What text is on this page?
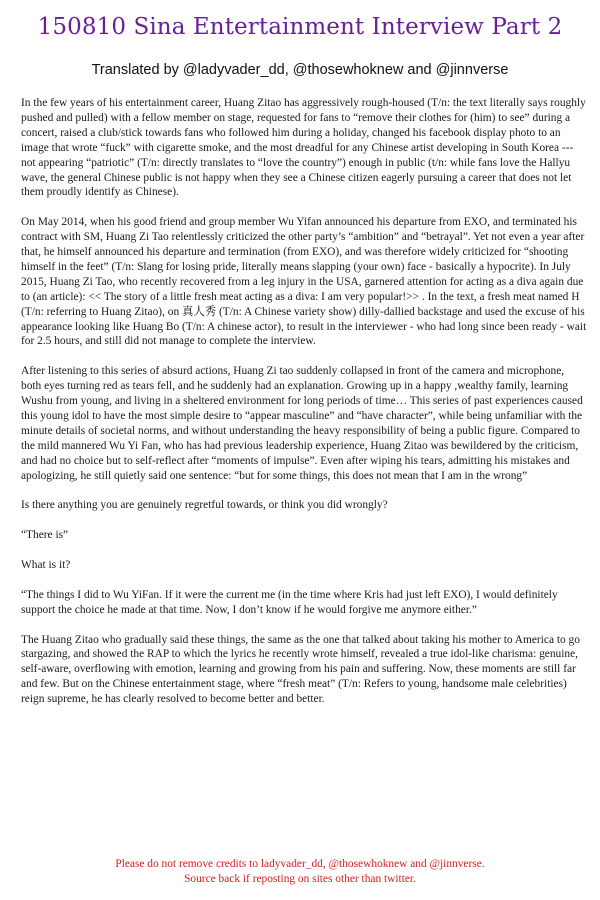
150810 Sina Entertainment Interview Part 2
Translated by @ladyvader_dd, @thosewhoknew and @jinnverse

In the few years of his entertainment career, Huang Zitao has aggressively rough-housed (T/n: the text literally says roughly pushed and pulled) with a fellow member on stage, requested for fans to “remove their clothes for (him) to see” during a concert, raised a club/stick towards fans who followed him during a holiday, changed his facebook display photo to an image that wrote “fuck” with cigarette smoke, and the most dreadful for any Chinese artist developing in South Korea --- not appearing “patriotic” (T/n: directly translates to “love the country”) enough in public (t/n: while fans love the Hallyu wave, the general Chinese public is not happy when they see a Chinese citizen eagerly pursuing a career that does not let them proudly identify as Chinese).

On May 2014, when his good friend and group member Wu Yifan announced his departure from EXO, and terminated his contract with SM, Huang Zi Tao relentlessly criticized the other party’s “ambition” and “betrayal”. Yet not even a year after that, he himself announced his departure and termination (from EXO), and was therefore widely criticized for “shooting himself in the feet” (T/n: Slang for losing pride, literally means slapping (your own) face - basically a hypocrite). In July 2015, Huang Zi Tao, who recently recovered from a leg injury in the USA, garnered attention for acting as a diva again due to (an article): << The story of a little fresh meat acting as a diva: I am very popular!>> . In the text, a fresh meat named H (T/n: referring to Huang Zitao), on 真人秀 (T/n: A Chinese variety show) dilly-dallied backstage and used the excuse of his appearance looking like Huang Bo (T/n: A chinese actor), to result in the interviewer - who had long since been ready - wait for 2.5 hours, and still did not manage to complete the interview.

After listening to this series of absurd actions, Huang Zi tao suddenly collapsed in front of the camera and microphone, both eyes turning red as tears fell, and he suddenly had an explanation. Growing up in a happy ,wealthy family, learning Wushu from young, and living in a sheltered environment for long periods of time… This series of past experiences caused this young idol to have the most simple desire to “appear masculine” and “have character”, while being unfamiliar with the minute details of societal norms, and without understanding the heavy responsibility of being a public figure. Compared to the mild mannered Wu Yi Fan, who has had previous leadership experience, Huang Zitao was bewildered by the criticism, and had no choice but to self-reflect after “moments of impulse”. Even after wiping his tears, admitting his mistakes and apologizing, he still quietly said one sentence: “but for some things, this does not mean that I am in the wrong”

Is there anything you are genuinely regretful towards, or think you did wrongly?

“There is”

What is it?

“The things I did to Wu YiFan. If it were the current me (in the time where Kris had just left EXO), I would definitely support the choice he made at that time. Now, I don’t know if he would forgive me anymore either.”

The Huang Zitao who gradually said these things, the same as the one that talked about taking his mother to America to go stargazing, and showed the RAP to which the lyrics he recently wrote himself, revealed a true idol-like charisma: genuine, self-aware, overflowing with emotion, learning and growing from his pain and suffering. Now, these moments are still far and few. But on the Chinese entertainment stage, where “fresh meat” (T/n: Refers to young, handsome male celebrities) reign supreme, he has clearly resolved to become better and better.

Please do not remove credits to ladyvader_dd, @thosewhoknew and @jinnverse.
Source back if reposting on sites other than twitter.
